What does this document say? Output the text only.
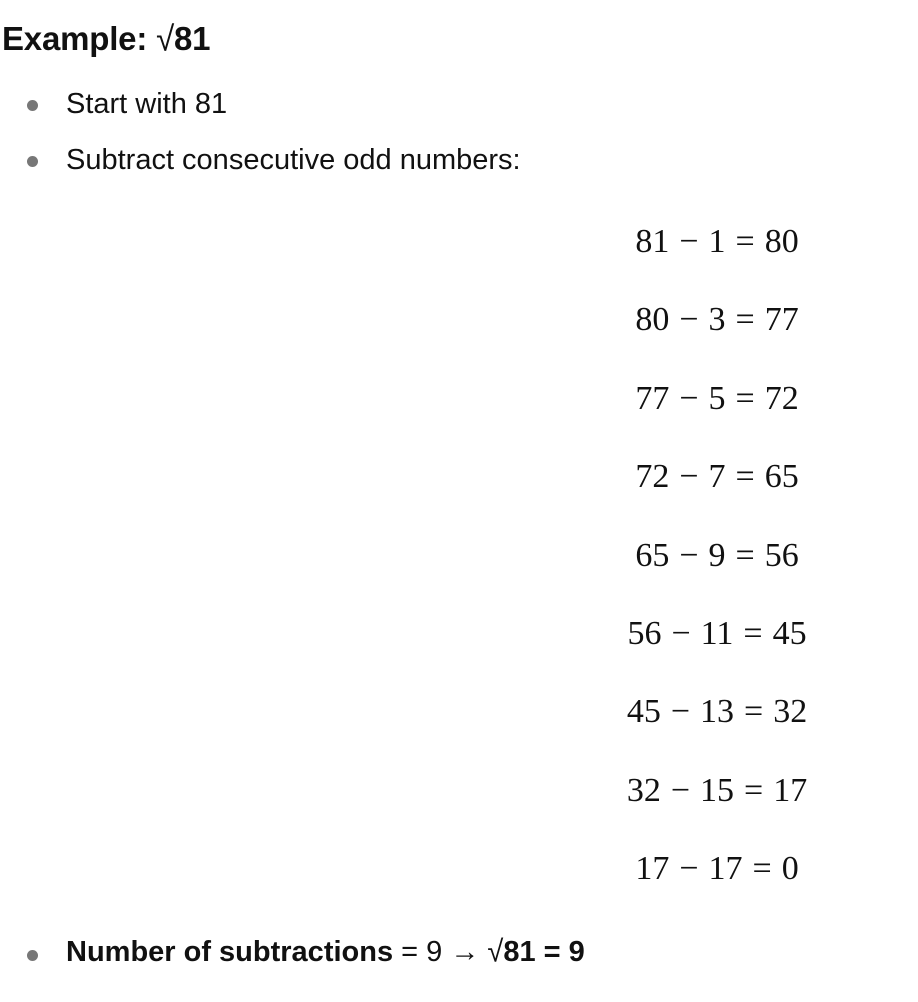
Example: √81
Start with 81
Subtract consecutive odd numbers:
81 − 1 = 80
80 − 3 = 77
77 − 5 = 72
72 − 7 = 65
65 − 9 = 56
56 − 11 = 45
45 − 13 = 32
32 − 15 = 17
17 − 17 = 0
Number of subtractions = 9 → √81 = 9
